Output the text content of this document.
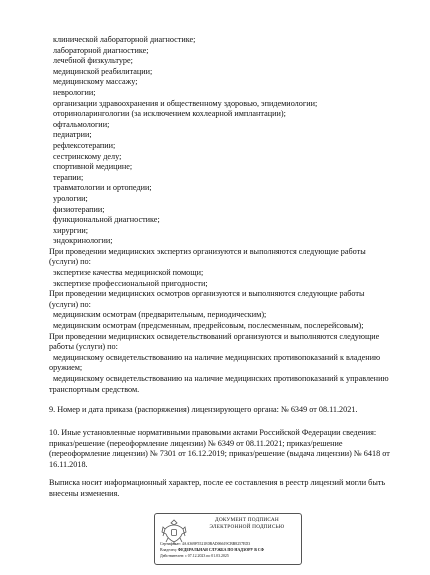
клинической лабораторной диагностике;
лабораторной диагностике;
лечебной физкультуре;
медицинской реабилитации;
медицинскому массажу;
неврологии;
организации здравоохранения и общественному здоровью, эпидемиологии;
оториноларингологии (за исключением кохлеарной имплантации);
офтальмологии;
педиатрии;
рефлексотерапии;
сестринскому делу;
спортивной медицине;
терапии;
травматологии и ортопедии;
урологии;
физиотерапии;
функциональной диагностике;
хирургии;
эндокринологии;
При проведении медицинских экспертиз организуются и выполняются следующие работы
(услуги) по:
экспертизе качества медицинской помощи;
экспертизе профессиональной пригодности;
При проведении медицинских осмотров организуются и выполняются следующие работы
(услуги) по:
медицинским осмотрам (предварительным, периодическим);
медицинским осмотрам (предсменным, предрейсовым, послесменным, послерейсовым);
При проведении медицинских освидетельствований организуются и выполняются следующие
работы (услуги) по:
медицинскому освидетельствованию на наличие медицинских противопоказаний к владению
оружием;
медицинскому освидетельствованию на наличие медицинских противопоказаний к управлению
транспортным средством.
9. Номер и дата приказа (распоряжения) лицензирующего органа: № 6349 от 08.11.2021.
10. Иные установленные нормативными правовыми актами Российской Федерации сведения:
приказ/решение (переоформление лицензии) № 6349 от 08.11.2021; приказ/решение
(переоформление лицензии) № 7301 от 16.12.2019; приказ/решение (выдача лицензии) № 6418 от
16.11.2018.
Выписка носит информационный характер, после ее составления в реестр лицензий могли быть
внесены изменения.
ДОКУМЕНТ ПОДПИСАН
ЭЛЕКТРОННОЙ ПОДПИСЬЮ
Сертификат: 4AA369F5521E0BAD06619CBB8257ED3
Владелец: ФЕДЕРАЛЬНАЯ СЛУЖБА ПО НАДЗОРУ В СФ
Действителен: с 07.12.2023 по 01.03.2025
